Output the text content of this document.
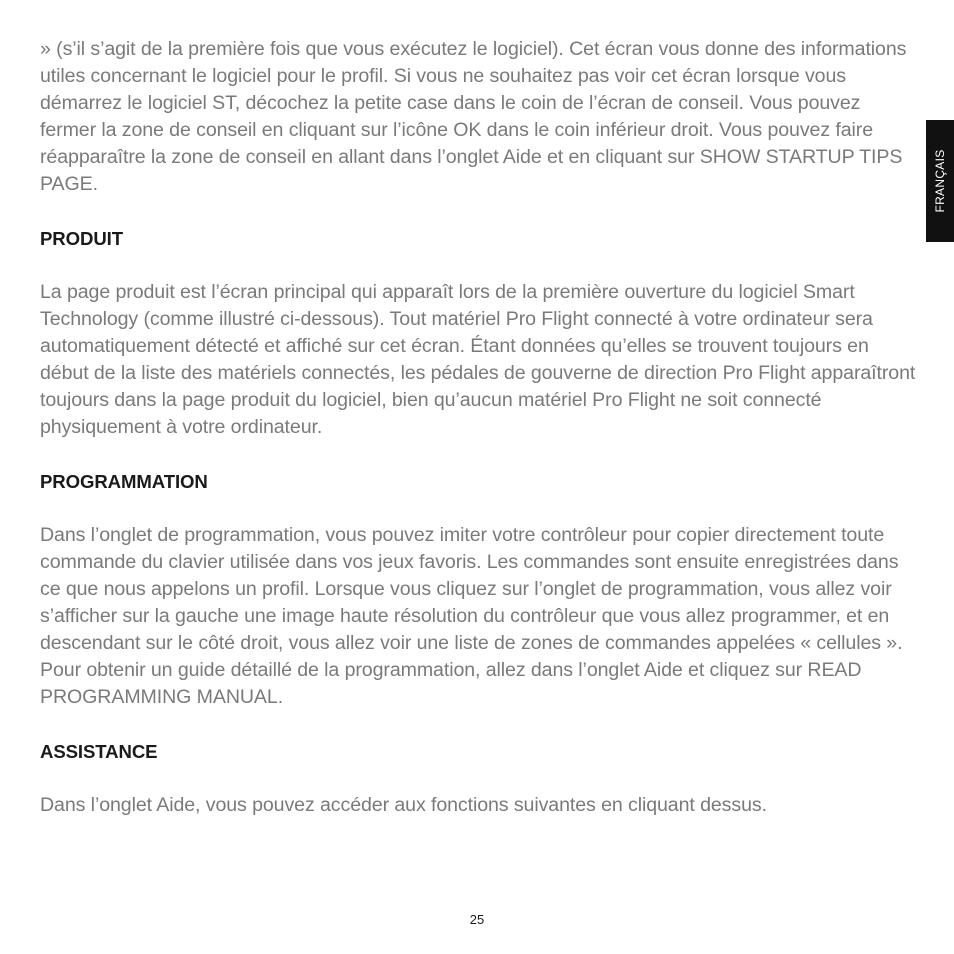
» (s’il s’agit de la première fois que vous exécutez le logiciel). Cet écran vous donne des informations utiles concernant le logiciel pour le profil. Si vous ne souhaitez pas voir cet écran lorsque vous démarrez le logiciel ST, décochez la petite case dans le coin de l’écran de conseil. Vous pouvez fermer la zone de conseil en cliquant sur l’icône OK dans le coin inférieur droit. Vous pouvez faire réapparaître la zone de conseil en allant dans l’onglet Aide et en cliquant sur SHOW STARTUP TIPS PAGE.

PRODUIT

La page produit est l’écran principal qui apparaît lors de la première ouverture du logiciel Smart Technology (comme illustré ci-dessous). Tout matériel Pro Flight connecté à votre ordinateur sera automatiquement détecté et affiché sur cet écran. Étant données qu’elles se trouvent toujours en début de la liste des matériels connectés, les pédales de gouverne de direction Pro Flight apparaîtront toujours dans la page produit du logiciel, bien qu’aucun matériel Pro Flight ne soit connecté physiquement à votre ordinateur.

PROGRAMMATION

Dans l’onglet de programmation, vous pouvez imiter votre contrôleur pour copier directement toute commande du clavier utilisée dans vos jeux favoris. Les commandes sont ensuite enregistrées dans ce que nous appelons un profil. Lorsque vous cliquez sur l’onglet de programmation, vous allez voir s’afficher sur la gauche une image haute résolution du contrôleur que vous allez programmer, et en descendant sur le côté droit, vous allez voir une liste de zones de commandes appelées « cellules ». Pour obtenir un guide détaillé de la programmation, allez dans l’onglet Aide et cliquez sur READ PROGRAMMING MANUAL.

ASSISTANCE

Dans l’onglet Aide, vous pouvez accéder aux fonctions suivantes en cliquant dessus.

FRANÇAIS
25
